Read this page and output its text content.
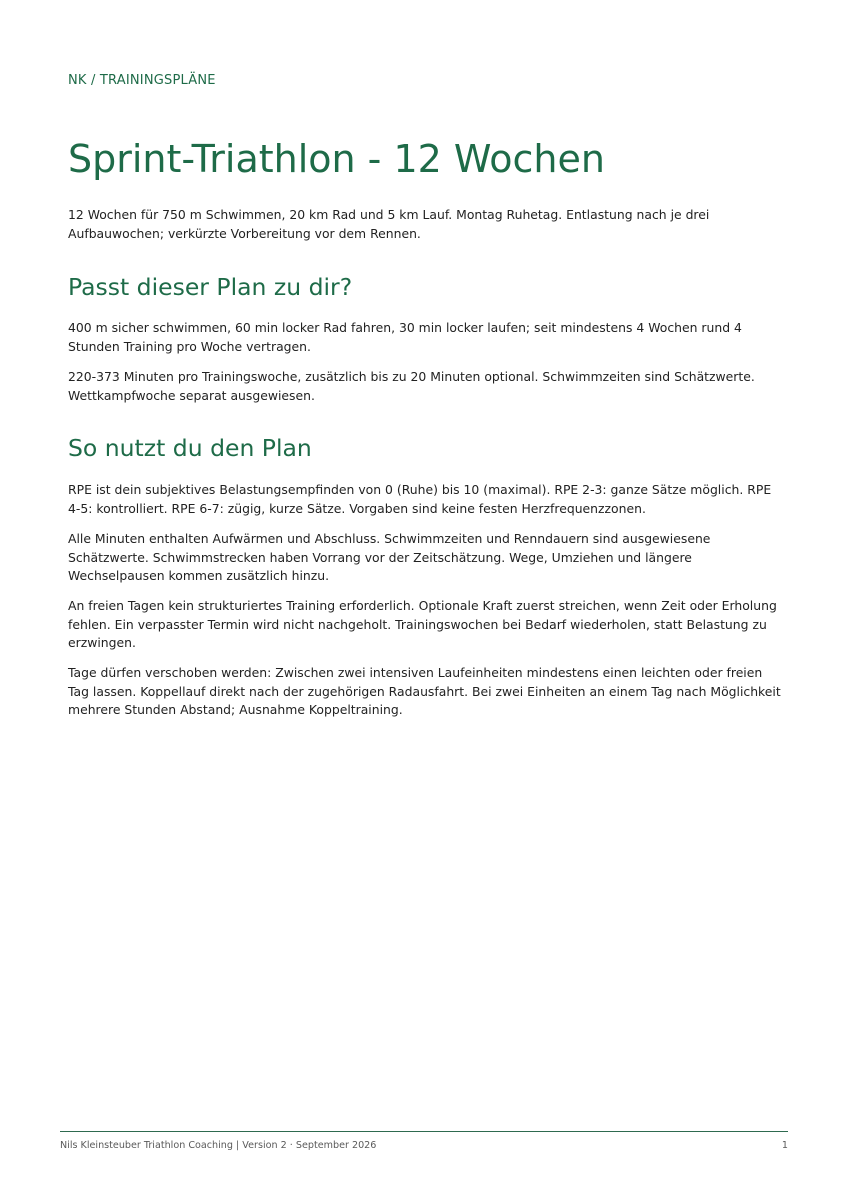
NK / TRAININGSPLÄNE
Sprint-Triathlon - 12 Wochen

12 Wochen für 750 m Schwimmen, 20 km Rad und 5 km Lauf. Montag Ruhetag. Entlastung nach je drei Aufbauwochen; verkürzte Vorbereitung vor dem Rennen.

Passt dieser Plan zu dir?

400 m sicher schwimmen, 60 min locker Rad fahren, 30 min locker laufen; seit mindestens 4 Wochen rund 4 Stunden Training pro Woche vertragen.

220-373 Minuten pro Trainingswoche, zusätzlich bis zu 20 Minuten optional. Schwimmzeiten sind Schätzwerte. Wettkampfwoche separat ausgewiesen.

So nutzt du den Plan

RPE ist dein subjektives Belastungsempfinden von 0 (Ruhe) bis 10 (maximal). RPE 2-3: ganze Sätze möglich. RPE 4-5: kontrolliert. RPE 6-7: zügig, kurze Sätze. Vorgaben sind keine festen Herzfrequenzzonen.

Alle Minuten enthalten Aufwärmen und Abschluss. Schwimmzeiten und Renndauern sind ausgewiesene Schätzwerte. Schwimmstrecken haben Vorrang vor der Zeitschätzung. Wege, Umziehen und längere Wechselpausen kommen zusätzlich hinzu.

An freien Tagen kein strukturiertes Training erforderlich. Optionale Kraft zuerst streichen, wenn Zeit oder Erholung fehlen. Ein verpasster Termin wird nicht nachgeholt. Trainingswochen bei Bedarf wiederholen, statt Belastung zu erzwingen.

Tage dürfen verschoben werden: Zwischen zwei intensiven Laufeinheiten mindestens einen leichten oder freien Tag lassen. Koppellauf direkt nach der zugehörigen Radausfahrt. Bei zwei Einheiten an einem Tag nach Möglichkeit mehrere Stunden Abstand; Ausnahme Koppeltraining.

Nils Kleinsteuber Triathlon Coaching | Version 2 · September 2026	1
